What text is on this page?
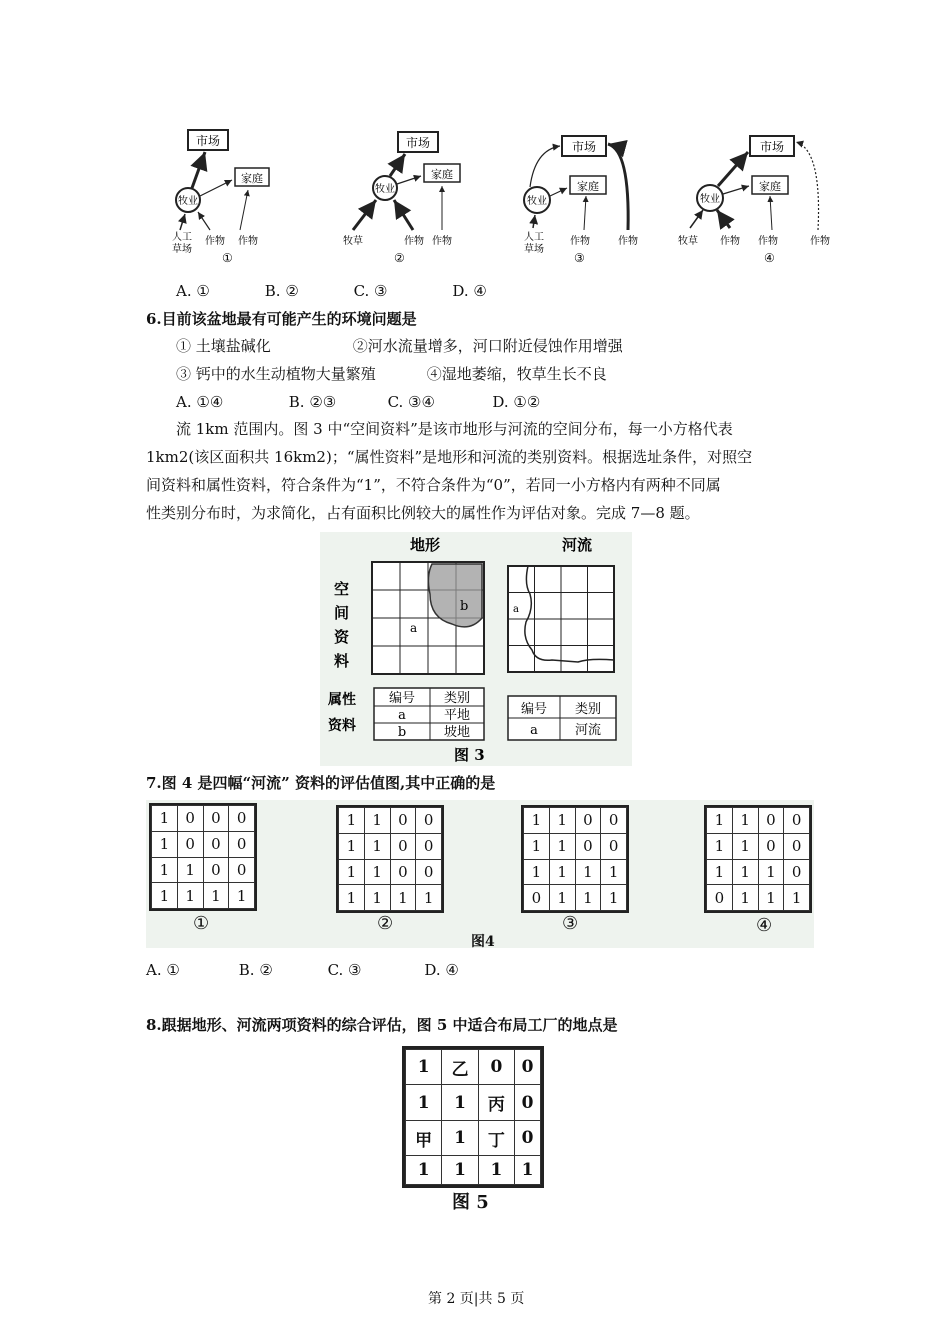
市场
家庭
牧业
人工
草场
作物 作物
①
市场
家庭
牧业
牧草	作物 作物
②
市场
家庭
牧业
人工
草场
作物	作物
③
市场
家庭
牧业
牧草 作物 作物	作物
④
A. ①	B. ②	C. ③	D. ④
6.目前该盆地最有可能产生的环境问题是
① 土壤盐碱化	②河水流量增多，河口附近侵蚀作用增强
③ 钙中的水生动植物大量繁殖	④湿地萎缩，牧草生长不良
A. ①④	B. ②③	C. ③④	D. ①②
流 1km 范围内。图 3 中“空间资料”是该市地形与河流的空间分布，每一小方格代表
1km2(该区面积共 16km2)；“属性资料”是地形和河流的类别资料。根据选址条件，对照空
间资料和属性资料，符合条件为“1”，不符合条件为“0”，若同一小方格内有两种不同属
性类别分布时，为求简化，占有面积比例较大的属性作为评估对象。完成 7—8 题。
地形	河流
空
间
资
料
属性
资料
a
b	a
编号 类别
a	平地
b	坡地
编号 类别
a	河流
图 3
7.图 4 是四幅“河流” 资料的评估值图,其中正确的是
1	0	0	0
1	0	0	0
1	1	0	0
1	1	1	1
1	1	0	0
1	1	0	0
1	1	0	0
1	1	1	1
1	1	0	0
1	1	0	0
1	1	1	1
0	1	1	1
1	1	0	0
1	1	0	0
1	1	1	0
0	1	1	1
①	②	③	④
图4
A. ①	B. ②	C. ③	D. ④
8.跟据地形、河流两项资料的综合评估，图 5 中适合布局工厂的地点是
1	乙	0	0
1	1	丙	0
甲	1	丁	0
1	1	1	1
图 5
第 2 页|共 5 页
